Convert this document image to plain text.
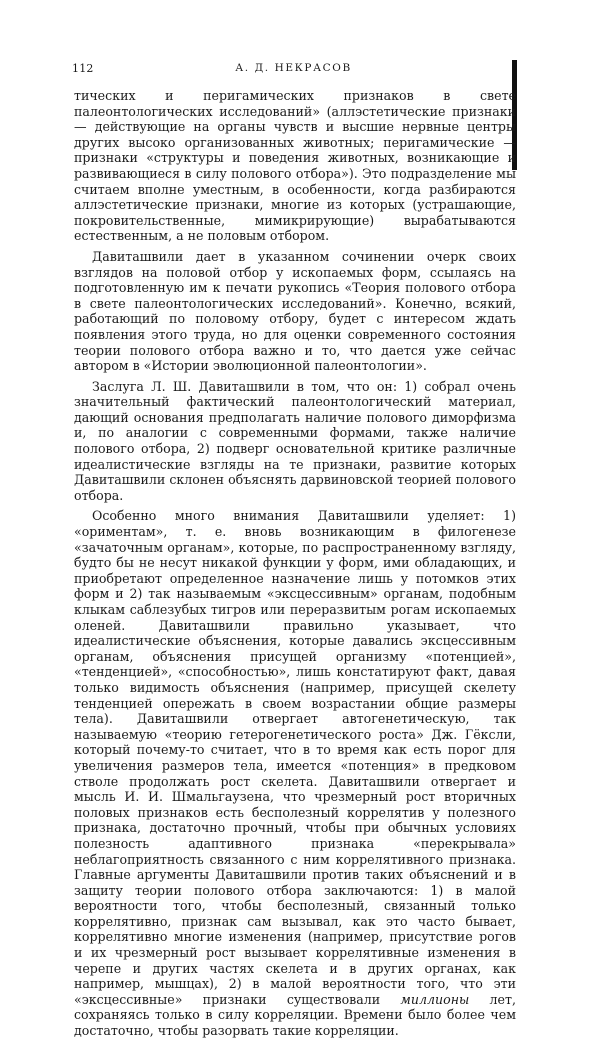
112	А. Д. НЕКРАСОВ

тических и перигамических признаков в свете палеонтологических исследований» (аллэстетические признаки — действующие на органы чувств и высшие нервные центры других высоко организованных животных; перигамические — признаки «структуры и поведения животных, возникающие и развивающиеся в силу полового отбора»). Это подразделение мы считаем вполне уместным, в особенности, когда разбираются аллэстетические признаки, многие из которых (устрашающие, покровительственные, мимикрирующие) вырабатываются естественным, а не половым отбором.

Давиташвили дает в указанном сочинении очерк своих взглядов на половой отбор у ископаемых форм, ссылаясь на подготовленную им к печати рукопись «Теория полового отбора в свете палеонтологических исследований». Конечно, всякий, работающий по половому отбору, будет с интересом ждать появления этого труда, но для оценки современного состояния теории полового отбора важно и то, что дается уже сейчас автором в «Истории эволюционной палеонтологии».

Заслуга Л. Ш. Давиташвили в том, что он: 1) собрал очень значительный фактический палеонтологический материал, дающий основания предполагать наличие полового диморфизма и, по аналогии с современными формами, также наличие полового отбора, 2) подверг основательной критике различные идеалистические взгляды на те признаки, развитие которых Давиташвили склонен объяснять дарвиновской теорией полового отбора.

Особенно много внимания Давиташвили уделяет: 1) «ориментам», т. е. вновь возникающим в филогенезе «зачаточным органам», которые, по распространенному взгляду, будто бы не несут никакой функции у форм, ими обладающих, и приобретают определенное назначение лишь у потомков этих форм и 2) так называемым «эксцессивным» органам, подобным клыкам саблезубых тигров или переразвитым рогам ископаемых оленей. Давиташвили правильно указывает, что идеалистические объяснения, которые давались эксцессивным органам, объяснения присущей организму «потенцией», «тенденцией», «способностью», лишь констатируют факт, давая только видимость объяснения (например, присущей скелету тенденцией опережать в своем возрастании общие размеры тела). Давиташвили отвергает автогенетическую, так называемую «теорию гетерогенетического роста» Дж. Гёксли, который почему-то считает, что в то время как есть порог для увеличения размеров тела, имеется «потенция» в предковом стволе продолжать рост скелета. Давиташвили отвергает и мысль И. И. Шмальгаузена, что чрезмерный рост вторичных половых признаков есть бесполезный коррелятив у полезного признака, достаточно прочный, чтобы при обычных условиях полезность адаптивного признака «перекрывала» неблагоприятность связанного с ним коррелятивного признака. Главные аргументы Давиташвили против таких объяснений и в защиту теории полового отбора заключаются: 1) в малой вероятности того, чтобы бесполезный, связанный только коррелятивно, признак сам вызывал, как это часто бывает, коррелятивно многие изменения (например, присутствие рогов и их чрезмерный рост вызывает коррелятивные изменения в черепе и других частях скелета и в других органах, как например, мышцах), 2) в малой вероятности того, что эти «эксцессивные» признаки существовали миллионы лет, сохраняясь только в силу корреляции. Времени было более чем достаточно, чтобы разорвать такие корреляции.
